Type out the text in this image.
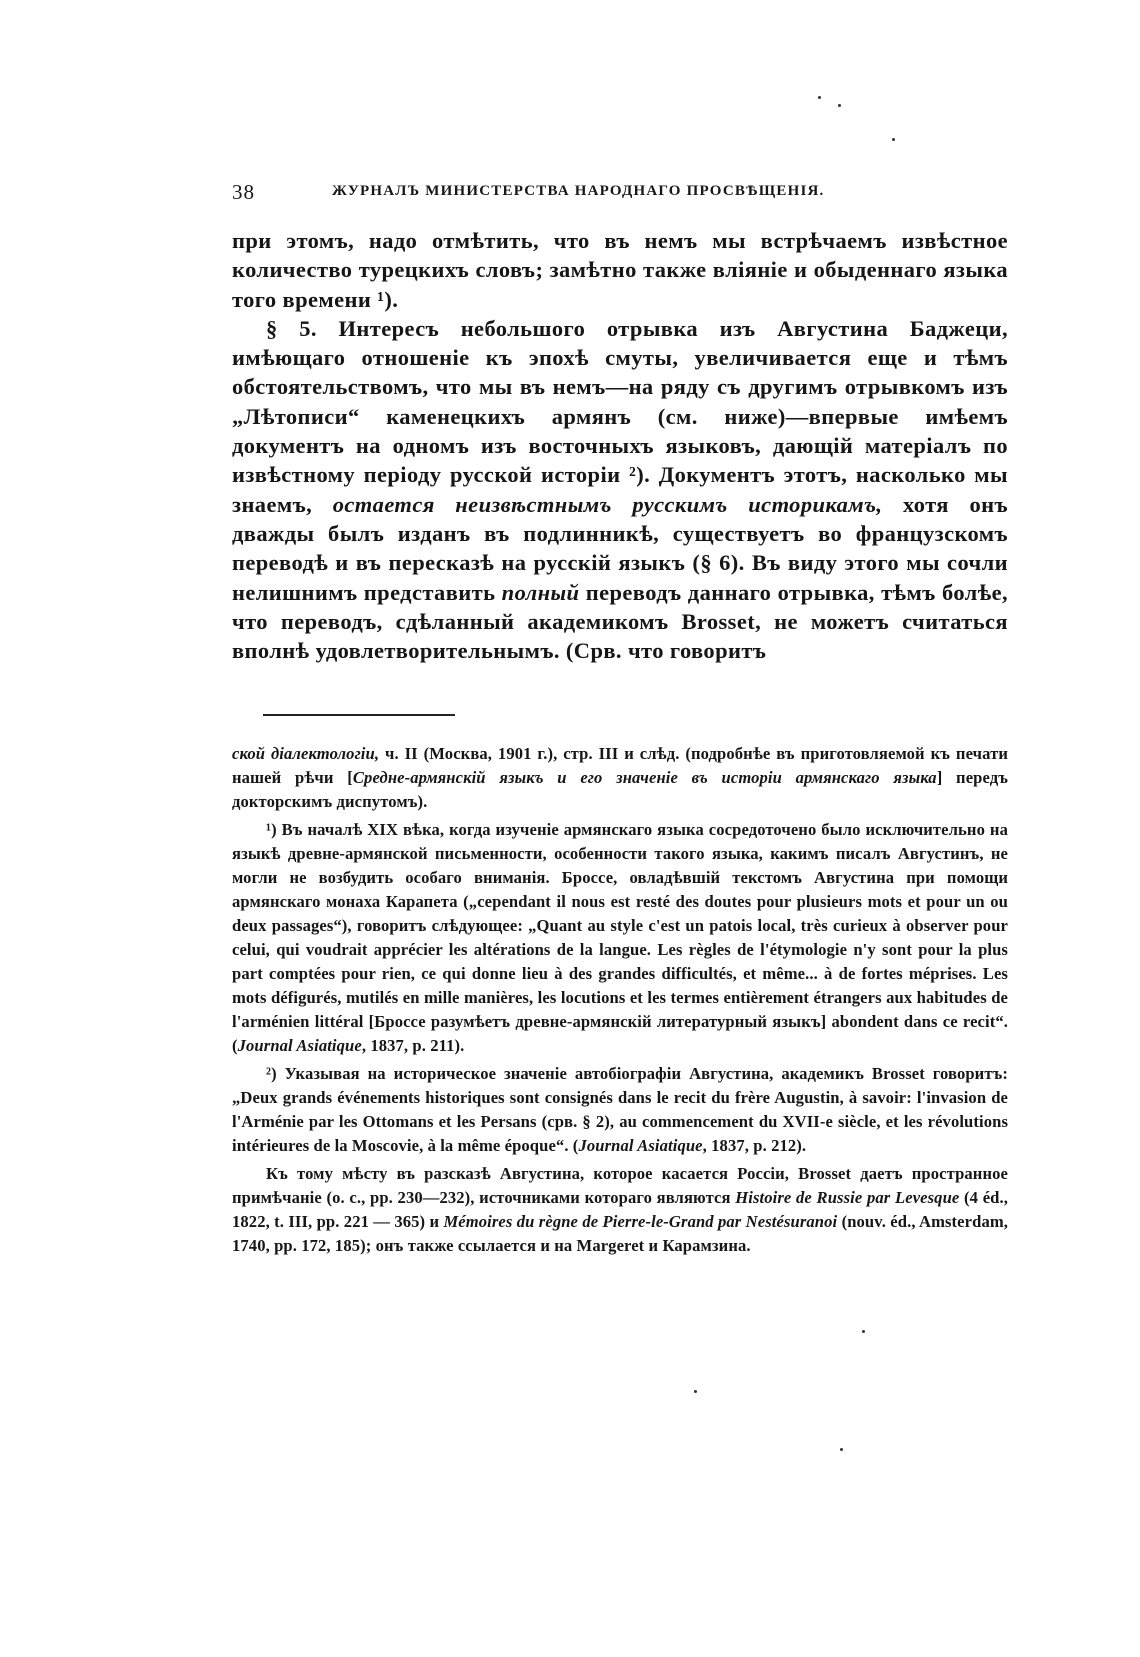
38	ЖУРНАЛЪ МИНИСТЕРСТВА НАРОДНАГО ПРОСВѢЩЕНІЯ.

при этомъ, надо отмѣтить, что въ немъ мы встрѣчаемъ извѣстное количество турецкихъ словъ; замѣтно также вліяніе и обыденнаго языка того времени ¹).

§ 5. Интересъ небольшого отрывка изъ Августина Баджеци, имѣющаго отношеніе къ эпохѣ смуты, увеличивается еще и тѣмъ обстоятельствомъ, что мы въ немъ—на ряду съ другимъ отрывкомъ изъ „Лѣтописи“ каменецкихъ армянъ (см. ниже)—впервые имѣемъ документъ на одномъ изъ восточныхъ языковъ, дающій матеріалъ по извѣстному періоду русской исторіи ²). Документъ этотъ, насколько мы знаемъ, остается неизвѣстнымъ русскимъ историкамъ, хотя онъ дважды былъ изданъ въ подлинникѣ, существуетъ во французскомъ переводѣ и въ пересказѣ на русскій языкъ (§ 6). Въ виду этого мы сочли нелишнимъ представить полный переводъ даннаго отрывка, тѣмъ болѣе, что переводъ, сдѣланный академикомъ Brosset, не можетъ считаться вполнѣ удовлетворительнымъ. (Срв. что говоритъ

ской діалектологіи, ч. II (Москва, 1901 г.), стр. III и слѣд. (подробнѣе въ приготовляемой къ печати нашей рѣчи [Средне-армянскій языкъ и его значеніе въ исторіи армянскаго языка] передъ докторскимъ диспутомъ).

¹) Въ началѣ XIX вѣка, когда изученіе армянскаго языка сосредоточено было исключительно на языкѣ древне-армянской письменности, особенности такого языка, какимъ писалъ Августинъ, не могли не возбудить особаго вниманія. Броссе, овладѣвшій текстомъ Августина при помощи армянскаго монаха Карапета („cependant il nous est resté des doutes pour plusieurs mots et pour un ou deux passages“), говоритъ слѣдующее: „Quant au style c'est un patois local, très curieux à observer pour celui, qui voudrait apprécier les altérations de la langue. Les règles de l'étymologie n'y sont pour la plus part comptées pour rien, ce qui donne lieu à des grandes difficultés, et même... à de fortes méprises. Les mots défigurés, mutilés en mille manières, les locutions et les termes entièrement étrangers aux habitudes de l'arménien littéral [Броссе разумѣетъ древне-армянскій литературный языкъ] abondent dans ce recit“. (Journal Asiatique, 1837, p. 211).

²) Указывая на историческое значеніе автобіографіи Августина, академикъ Brosset говоритъ: „Deux grands événements historiques sont consignés dans le recit du frère Augustin, à savoir: l'invasion de l'Arménie par les Ottomans et les Persans (срв. § 2), au commencement du XVII-e siècle, et les révolutions intérieures de la Moscovie, à la même époque“. (Journal Asiatique, 1837, p. 212).

Къ тому мѣсту въ разсказѣ Августина, которое касается Россіи, Brosset даетъ пространное примѣчаніе (о. с., pp. 230—232), источниками котораго являются Histoire de Russie par Levesque (4 éd., 1822, t. III, pp. 221 — 365) и Mémoires du règne de Pierre-le-Grand par Nestésuranoi (nouv. éd., Amsterdam, 1740, pp. 172, 185); онъ также ссылается и на Margeret и Карамзина.
